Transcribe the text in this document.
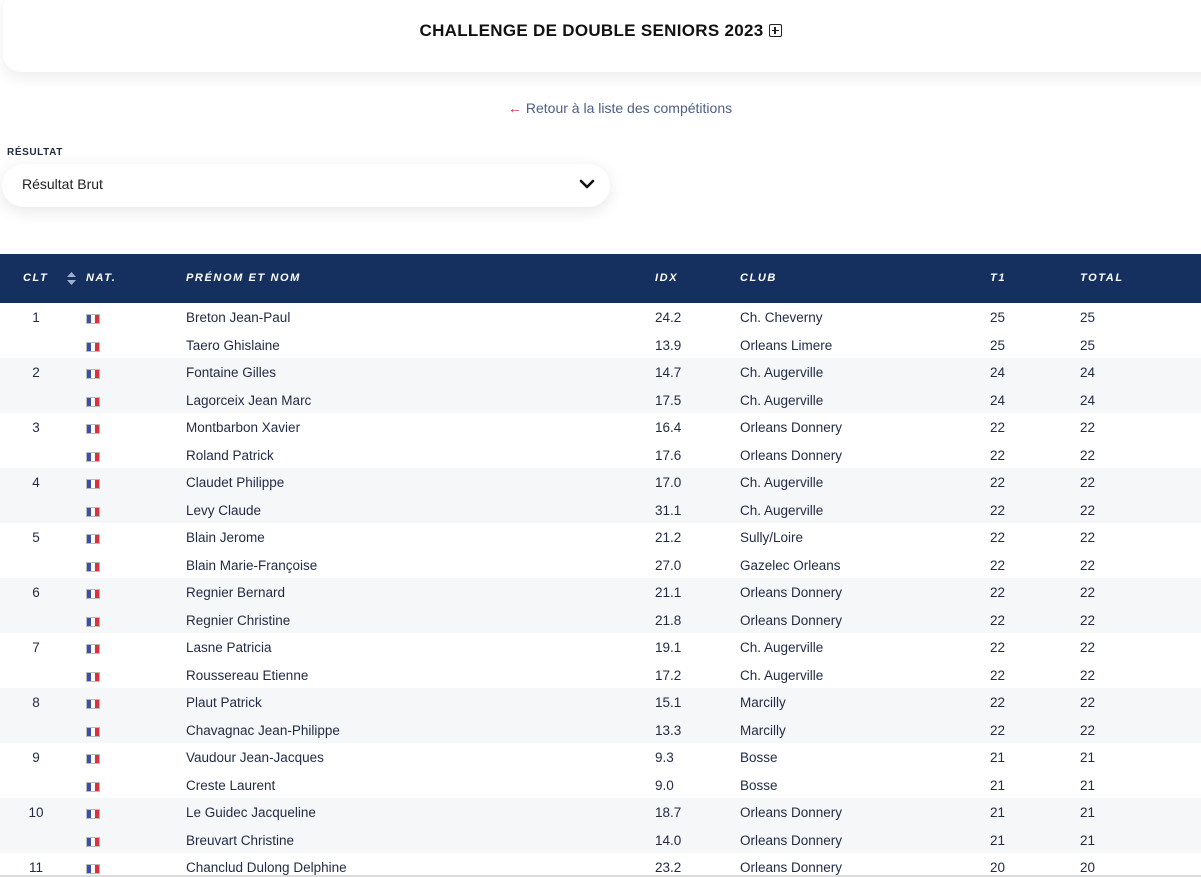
CHALLENGE DE DOUBLE SENIORS 2023
← Retour à la liste des compétitions
RÉSULTAT
Résultat Brut
CLT	NAT.	PRÉNOM ET NOM	IDX	CLUB	T1	TOTAL
1	Breton Jean-Paul	24.2	Ch. Cheverny	25	25
Taero Ghislaine	13.9	Orleans Limere	25	25
2	Fontaine Gilles	14.7	Ch. Augerville	24	24
Lagorceix Jean Marc	17.5	Ch. Augerville	24	24
3	Montbarbon Xavier	16.4	Orleans Donnery	22	22
Roland Patrick	17.6	Orleans Donnery	22	22
4	Claudet Philippe	17.0	Ch. Augerville	22	22
Levy Claude	31.1	Ch. Augerville	22	22
5	Blain Jerome	21.2	Sully/Loire	22	22
Blain Marie-Françoise	27.0	Gazelec Orleans	22	22
6	Regnier Bernard	21.1	Orleans Donnery	22	22
Regnier Christine	21.8	Orleans Donnery	22	22
7	Lasne Patricia	19.1	Ch. Augerville	22	22
Roussereau Etienne	17.2	Ch. Augerville	22	22
8	Plaut Patrick	15.1	Marcilly	22	22
Chavagnac Jean-Philippe	13.3	Marcilly	22	22
9	Vaudour Jean-Jacques	9.3	Bosse	21	21
Creste Laurent	9.0	Bosse	21	21
10	Le Guidec Jacqueline	18.7	Orleans Donnery	21	21
Breuvart Christine	14.0	Orleans Donnery	21	21
11	Chanclud Dulong Delphine	23.2	Orleans Donnery	20	20
